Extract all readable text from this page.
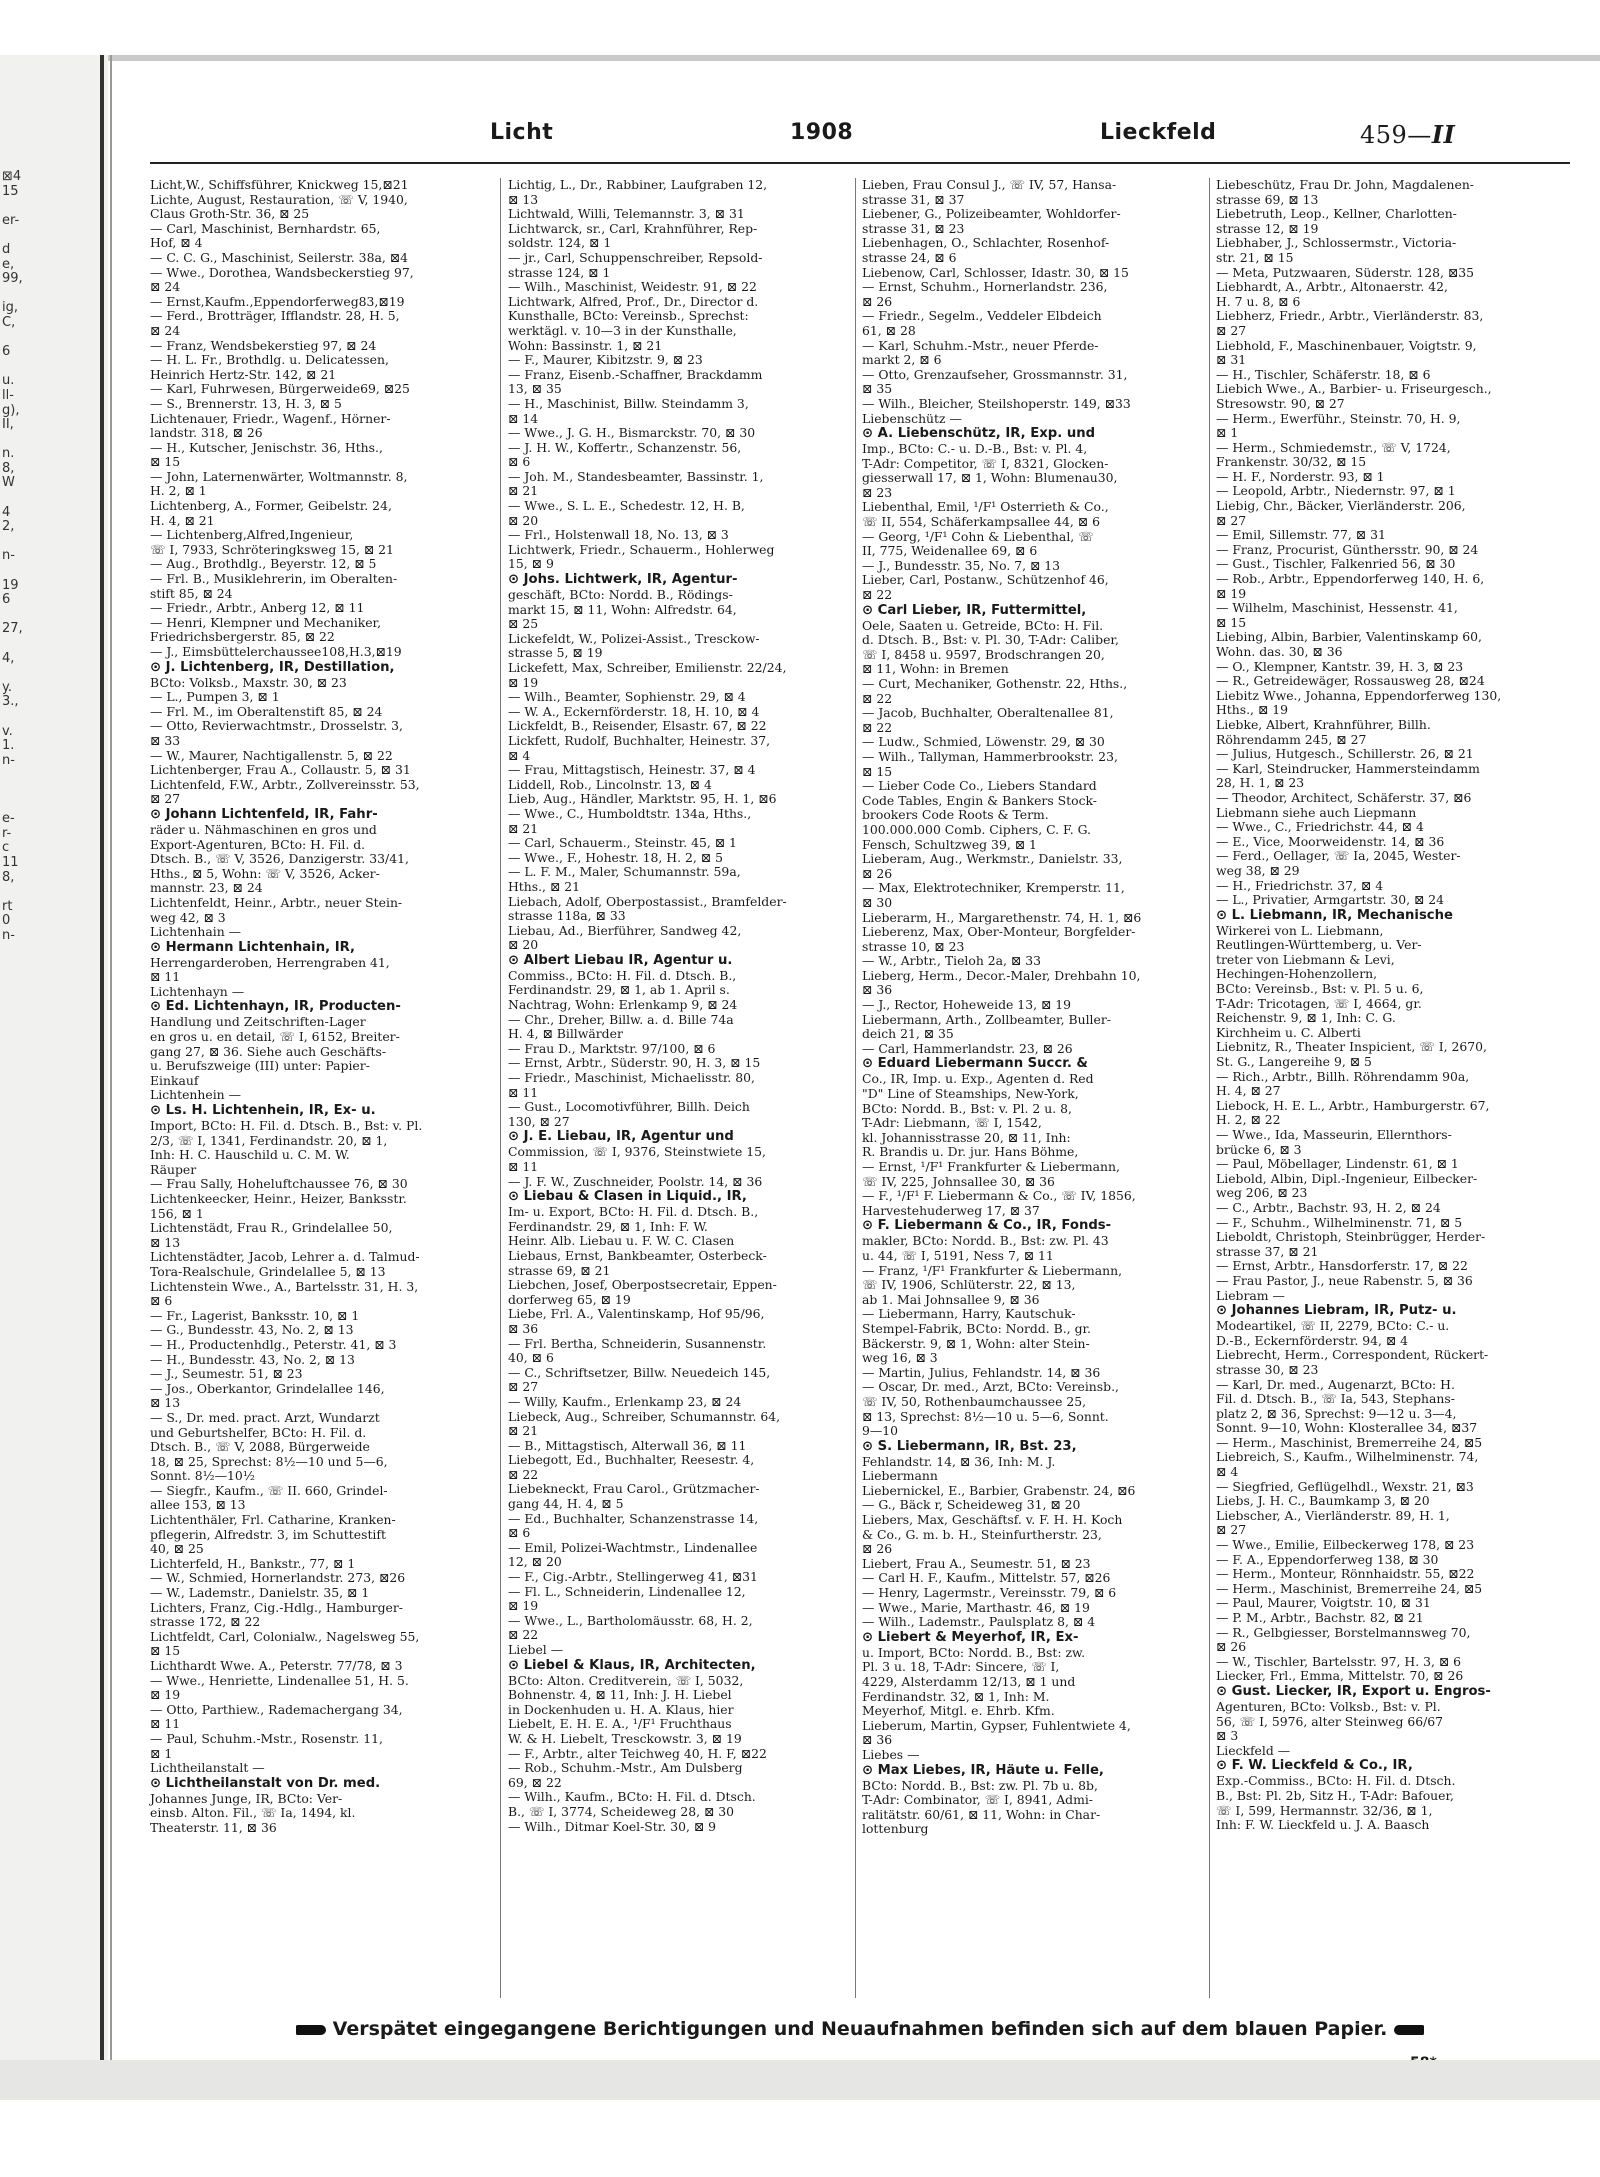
⊠4
15
er-
d
e,
99,
ig,
C,
6
u.
ll-
g),
II,
n.
8,
W
4
2,
n-
19
6
27,
4,
y.
3.,
v.
1.
n-
e-
r-
c
11
8,
rt
0
n-
Licht	1908	Lieckfeld	459—II
Licht,W., Schiffsführer, Knickweg 15,⊠21
Lichte, August, Restauration, ☏ V, 1940,
Claus Groth-Str. 36, ⊠ 25
— Carl, Maschinist, Bernhardstr. 65,
Hof, ⊠ 4
— C. C. G., Maschinist, Seilerstr. 38a, ⊠4
— Wwe., Dorothea, Wandsbeckerstieg 97,
⊠ 24
— Ernst,Kaufm.,Eppendorferweg83,⊠19
— Ferd., Brotträger, Ifflandstr. 28, H. 5,
⊠ 24
— Franz, Wendsbekerstieg 97, ⊠ 24
— H. L. Fr., Brothdlg. u. Delicatessen,
Heinrich Hertz-Str. 142, ⊠ 21
— Karl, Fuhrwesen, Bürgerweide69, ⊠25
— S., Brennerstr. 13, H. 3, ⊠ 5
Lichtenauer, Friedr., Wagenf., Hörner-
landstr. 318, ⊠ 26
— H., Kutscher, Jenischstr. 36, Hths.,
⊠ 15
— John, Laternenwärter, Woltmannstr. 8,
H. 2, ⊠ 1
Lichtenberg, A., Former, Geibelstr. 24,
H. 4, ⊠ 21
— Lichtenberg,Alfred,Ingenieur,
☏ I, 7933, Schröteringksweg 15, ⊠ 21
— Aug., Brothdlg., Beyerstr. 12, ⊠ 5
— Frl. B., Musiklehrerin, im Oberalten-
stift 85, ⊠ 24
— Friedr., Arbtr., Anberg 12, ⊠ 11
— Henri, Klempner und Mechaniker,
Friedrichsbergerstr. 85, ⊠ 22
— J., Eimsbüttelerchaussee108,H.3,⊠19
⊙ J. Lichtenberg, IR, Destillation,
BCto: Volksb., Maxstr. 30, ⊠ 23
— L., Pumpen 3, ⊠ 1
— Frl. M., im Oberaltenstift 85, ⊠ 24
— Otto, Revierwachtmstr., Drosselstr. 3,
⊠ 33
— W., Maurer, Nachtigallenstr. 5, ⊠ 22
Lichtenberger, Frau A., Collaustr. 5, ⊠ 31
Lichtenfeld, F.W., Arbtr., Zollvereinsstr. 53,
⊠ 27
⊙ Johann Lichtenfeld, IR, Fahr-
räder u. Nähmaschinen en gros und
Export-Agenturen, BCto: H. Fil. d.
Dtsch. B., ☏ V, 3526, Danzigerstr. 33/41,
Hths., ⊠ 5, Wohn: ☏ V, 3526, Acker-
mannstr. 23, ⊠ 24
Lichtenfeldt, Heinr., Arbtr., neuer Stein-
weg 42, ⊠ 3
Lichtenhain —
⊙ Hermann Lichtenhain, IR,
Herrengarderoben, Herrengraben 41,
⊠ 11
Lichtenhayn —
⊙ Ed. Lichtenhayn, IR, Producten-
Handlung und Zeitschriften-Lager
en gros u. en detail, ☏ I, 6152, Breiter-
gang 27, ⊠ 36. Siehe auch Geschäfts-
u. Berufszweige (III) unter: Papier-
Einkauf
Lichtenhein —
⊙ Ls. H. Lichtenhein, IR, Ex- u.
Import, BCto: H. Fil. d. Dtsch. B., Bst: v. Pl.
2/3, ☏ I, 1341, Ferdinandstr. 20, ⊠ 1,
Inh: H. C. Hauschild u. C. M. W.
Räuper
— Frau Sally, Hoheluftchaussee 76, ⊠ 30
Lichtenkeecker, Heinr., Heizer, Banksstr.
156, ⊠ 1
Lichtenstädt, Frau R., Grindelallee 50,
⊠ 13
Lichtenstädter, Jacob, Lehrer a. d. Talmud-
Tora-Realschule, Grindelallee 5, ⊠ 13
Lichtenstein Wwe., A., Bartelsstr. 31, H. 3,
⊠ 6
— Fr., Lagerist, Banksstr. 10, ⊠ 1
— G., Bundesstr. 43, No. 2, ⊠ 13
— H., Productenhdlg., Peterstr. 41, ⊠ 3
— H., Bundesstr. 43, No. 2, ⊠ 13
— J., Seumestr. 51, ⊠ 23
— Jos., Oberkantor, Grindelallee 146,
⊠ 13
— S., Dr. med. pract. Arzt, Wundarzt
und Geburtshelfer, BCto: H. Fil. d.
Dtsch. B., ☏ V, 2088, Bürgerweide
18, ⊠ 25, Sprechst: 8½—10 und 5—6,
Sonnt. 8½—10½
— Siegfr., Kaufm., ☏ II. 660, Grindel-
allee 153, ⊠ 13
Lichtenthäler, Frl. Catharine, Kranken-
pflegerin, Alfredstr. 3, im Schuttestift
40, ⊠ 25
Lichterfeld, H., Bankstr., 77, ⊠ 1
— W., Schmied, Hornerlandstr. 273, ⊠26
— W., Lademstr., Danielstr. 35, ⊠ 1
Lichters, Franz, Cig.-Hdlg., Hamburger-
strasse 172, ⊠ 22
Lichtfeldt, Carl, Colonialw., Nagelsweg 55,
⊠ 15
Lichthardt Wwe. A., Peterstr. 77/78, ⊠ 3
— Wwe., Henriette, Lindenallee 51, H. 5.
⊠ 19
— Otto, Parthiew., Rademachergang 34,
⊠ 11
— Paul, Schuhm.-Mstr., Rosenstr. 11,
⊠ 1
Lichtheilanstalt —
⊙ Lichtheilanstalt von Dr. med.
Johannes Junge, IR, BCto: Ver-
einsb. Alton. Fil., ☏ Ia, 1494, kl.
Theaterstr. 11, ⊠ 36
Lichtig, L., Dr., Rabbiner, Laufgraben 12,
⊠ 13
Lichtwald, Willi, Telemannstr. 3, ⊠ 31
Lichtwarck, sr., Carl, Krahnführer, Rep-
soldstr. 124, ⊠ 1
— jr., Carl, Schuppenschreiber, Repsold-
strasse 124, ⊠ 1
— Wilh., Maschinist, Weidestr. 91, ⊠ 22
Lichtwark, Alfred, Prof., Dr., Director d.
Kunsthalle, BCto: Vereinsb., Sprechst:
werktägl. v. 10—3 in der Kunsthalle,
Wohn: Bassinstr. 1, ⊠ 21
— F., Maurer, Kibitzstr. 9, ⊠ 23
— Franz, Eisenb.-Schaffner, Brackdamm
13, ⊠ 35
— H., Maschinist, Billw. Steindamm 3,
⊠ 14
— Wwe., J. G. H., Bismarckstr. 70, ⊠ 30
— J. H. W., Koffertr., Schanzenstr. 56,
⊠ 6
— Joh. M., Standesbeamter, Bassinstr. 1,
⊠ 21
— Wwe., S. L. E., Schedestr. 12, H. B,
⊠ 20
— Frl., Holstenwall 18, No. 13, ⊠ 3
Lichtwerk, Friedr., Schauerm., Hohlerweg
15, ⊠ 9
⊙ Johs. Lichtwerk, IR, Agentur-
geschäft, BCto: Nordd. B., Rödings-
markt 15, ⊠ 11, Wohn: Alfredstr. 64,
⊠ 25
Lickefeldt, W., Polizei-Assist., Tresckow-
strasse 5, ⊠ 19
Lickefett, Max, Schreiber, Emilienstr. 22/24,
⊠ 19
— Wilh., Beamter, Sophienstr. 29, ⊠ 4
— W. A., Eckernförderstr. 18, H. 10, ⊠ 4
Lickfeldt, B., Reisender, Elsastr. 67, ⊠ 22
Lickfett, Rudolf, Buchhalter, Heinestr. 37,
⊠ 4
— Frau, Mittagstisch, Heinestr. 37, ⊠ 4
Liddell, Rob., Lincolnstr. 13, ⊠ 4
Lieb, Aug., Händler, Marktstr. 95, H. 1, ⊠6
— Wwe., C., Humboldtstr. 134a, Hths.,
⊠ 21
— Carl, Schauerm., Steinstr. 45, ⊠ 1
— Wwe., F., Hohestr. 18, H. 2, ⊠ 5
— L. F. M., Maler, Schumannstr. 59a,
Hths., ⊠ 21
Liebach, Adolf, Oberpostassist., Bramfelder-
strasse 118a, ⊠ 33
Liebau, Ad., Bierführer, Sandweg 42,
⊠ 20
⊙ Albert Liebau IR, Agentur u.
Commiss., BCto: H. Fil. d. Dtsch. B.,
Ferdinandstr. 29, ⊠ 1, ab 1. April s.
Nachtrag, Wohn: Erlenkamp 9, ⊠ 24
— Chr., Dreher, Billw. a. d. Bille 74a
H. 4, ⊠ Billwärder
— Frau D., Marktstr. 97/100, ⊠ 6
— Ernst, Arbtr., Süderstr. 90, H. 3, ⊠ 15
— Friedr., Maschinist, Michaelisstr. 80,
⊠ 11
— Gust., Locomotivführer, Billh. Deich
130, ⊠ 27
⊙ J. E. Liebau, IR, Agentur und
Commission, ☏ I, 9376, Steinstwiete 15,
⊠ 11
— J. F. W., Zuschneider, Poolstr. 14, ⊠ 36
⊙ Liebau & Clasen in Liquid., IR,
Im- u. Export, BCto: H. Fil. d. Dtsch. B.,
Ferdinandstr. 29, ⊠ 1, Inh: F. W.
Heinr. Alb. Liebau u. F. W. C. Clasen
Liebaus, Ernst, Bankbeamter, Osterbeck-
strasse 69, ⊠ 21
Liebchen, Josef, Oberpostsecretair, Eppen-
dorferweg 65, ⊠ 19
Liebe, Frl. A., Valentinskamp, Hof 95/96,
⊠ 36
— Frl. Bertha, Schneiderin, Susannenstr.
40, ⊠ 6
— C., Schriftsetzer, Billw. Neuedeich 145,
⊠ 27
— Willy, Kaufm., Erlenkamp 23, ⊠ 24
Liebeck, Aug., Schreiber, Schumannstr. 64,
⊠ 21
— B., Mittagstisch, Alterwall 36, ⊠ 11
Liebegott, Ed., Buchhalter, Reesestr. 4,
⊠ 22
Liebekneckt, Frau Carol., Grützmacher-
gang 44, H. 4, ⊠ 5
— Ed., Buchhalter, Schanzenstrasse 14,
⊠ 6
— Emil, Polizei-Wachtmstr., Lindenallee
12, ⊠ 20
— F., Cig.-Arbtr., Stellingerweg 41, ⊠31
— Fl. L., Schneiderin, Lindenallee 12,
⊠ 19
— Wwe., L., Bartholomäusstr. 68, H. 2,
⊠ 22
Liebel —
⊙ Liebel & Klaus, IR, Architecten,
BCto: Alton. Creditverein, ☏ I, 5032,
Bohnenstr. 4, ⊠ 11, Inh: J. H. Liebel
in Dockenhuden u. H. A. Klaus, hier
Liebelt, E. H. E. A., ¹/F¹ Fruchthaus
W. & H. Liebelt, Tresckowstr. 3, ⊠ 19
— F., Arbtr., alter Teichweg 40, H. F, ⊠22
— Rob., Schuhm.-Mstr., Am Dulsberg
69, ⊠ 22
— Wilh., Kaufm., BCto: H. Fil. d. Dtsch.
B., ☏ I, 3774, Scheideweg 28, ⊠ 30
— Wilh., Ditmar Koel-Str. 30, ⊠ 9
Lieben, Frau Consul J., ☏ IV, 57, Hansa-
strasse 31, ⊠ 37
Liebener, G., Polizeibeamter, Wohldorfer-
strasse 31, ⊠ 23
Liebenhagen, O., Schlachter, Rosenhof-
strasse 24, ⊠ 6
Liebenow, Carl, Schlosser, Idastr. 30, ⊠ 15
— Ernst, Schuhm., Hornerlandstr. 236,
⊠ 26
— Friedr., Segelm., Veddeler Elbdeich
61, ⊠ 28
— Karl, Schuhm.-Mstr., neuer Pferde-
markt 2, ⊠ 6
— Otto, Grenzaufseher, Grossmannstr. 31,
⊠ 35
— Wilh., Bleicher, Steilshoperstr. 149, ⊠33
Liebenschütz —
⊙ A. Liebenschütz, IR, Exp. und
Imp., BCto: C.- u. D.-B., Bst: v. Pl. 4,
T-Adr: Competitor, ☏ I, 8321, Glocken-
giesserwall 17, ⊠ 1, Wohn: Blumenau30,
⊠ 23
Liebenthal, Emil, ¹/F¹ Osterrieth & Co.,
☏ II, 554, Schäferkampsallee 44, ⊠ 6
— Georg, ¹/F¹ Cohn & Liebenthal, ☏
II, 775, Weidenallee 69, ⊠ 6
— J., Bundesstr. 35, No. 7, ⊠ 13
Lieber, Carl, Postanw., Schützenhof 46,
⊠ 22
⊙ Carl Lieber, IR, Futtermittel,
Oele, Saaten u. Getreide, BCto: H. Fil.
d. Dtsch. B., Bst: v. Pl. 30, T-Adr: Caliber,
☏ I, 8458 u. 9597, Brodschrangen 20,
⊠ 11, Wohn: in Bremen
— Curt, Mechaniker, Gothenstr. 22, Hths.,
⊠ 22
— Jacob, Buchhalter, Oberaltenallee 81,
⊠ 22
— Ludw., Schmied, Löwenstr. 29, ⊠ 30
— Wilh., Tallyman, Hammerbrookstr. 23,
⊠ 15
— Lieber Code Co., Liebers Standard
Code Tables, Engin & Bankers Stock-
brookers Code Roots & Term.
100.000.000 Comb. Ciphers, C. F. G.
Fensch, Schultzweg 39, ⊠ 1
Lieberam, Aug., Werkmstr., Danielstr. 33,
⊠ 26
— Max, Elektrotechniker, Kremperstr. 11,
⊠ 30
Lieberarm, H., Margarethenstr. 74, H. 1, ⊠6
Lieberenz, Max, Ober-Monteur, Borgfelder-
strasse 10, ⊠ 23
— W., Arbtr., Tieloh 2a, ⊠ 33
Lieberg, Herm., Decor.-Maler, Drehbahn 10,
⊠ 36
— J., Rector, Hoheweide 13, ⊠ 19
Liebermann, Arth., Zollbeamter, Buller-
deich 21, ⊠ 35
— Carl, Hammerlandstr. 23, ⊠ 26
⊙ Eduard Liebermann Succr. &
Co., IR, Imp. u. Exp., Agenten d. Red
"D" Line of Steamships, New-York,
BCto: Nordd. B., Bst: v. Pl. 2 u. 8,
T-Adr: Liebmann, ☏ I, 1542,
kl. Johannisstrasse 20, ⊠ 11, Inh:
R. Brandis u. Dr. jur. Hans Böhme,
— Ernst, ¹/F¹ Frankfurter & Liebermann,
☏ IV, 225, Johnsallee 30, ⊠ 36
— F., ¹/F¹ F. Liebermann & Co., ☏ IV, 1856,
Harvestehuderweg 17, ⊠ 37
⊙ F. Liebermann & Co., IR, Fonds-
makler, BCto: Nordd. B., Bst: zw. Pl. 43
u. 44, ☏ I, 5191, Ness 7, ⊠ 11
— Franz, ¹/F¹ Frankfurter & Liebermann,
☏ IV, 1906, Schlüterstr. 22, ⊠ 13,
ab 1. Mai Johnsallee 9, ⊠ 36
— Liebermann, Harry, Kautschuk-
Stempel-Fabrik, BCto: Nordd. B., gr.
Bäckerstr. 9, ⊠ 1, Wohn: alter Stein-
weg 16, ⊠ 3
— Martin, Julius, Fehlandstr. 14, ⊠ 36
— Oscar, Dr. med., Arzt, BCto: Vereinsb.,
☏ IV, 50, Rothenbaumchaussee 25,
⊠ 13, Sprechst: 8½—10 u. 5—6, Sonnt.
9—10
⊙ S. Liebermann, IR, Bst. 23,
Fehlandstr. 14, ⊠ 36, Inh: M. J.
Liebermann
Liebernickel, E., Barbier, Grabenstr. 24, ⊠6
— G., Bäck r, Scheideweg 31, ⊠ 20
Liebers, Max, Geschäftsf. v. F. H. H. Koch
& Co., G. m. b. H., Steinfurtherstr. 23,
⊠ 26
Liebert, Frau A., Seumestr. 51, ⊠ 23
— Carl H. F., Kaufm., Mittelstr. 57, ⊠26
— Henry, Lagermstr., Vereinsstr. 79, ⊠ 6
— Wwe., Marie, Marthastr. 46, ⊠ 19
— Wilh., Lademstr., Paulsplatz 8, ⊠ 4
⊙ Liebert & Meyerhof, IR, Ex-
u. Import, BCto: Nordd. B., Bst: zw.
Pl. 3 u. 18, T-Adr: Sincere, ☏ I,
4229, Alsterdamm 12/13, ⊠ 1 und
Ferdinandstr. 32, ⊠ 1, Inh: M.
Meyerhof, Mitgl. e. Ehrb. Kfm.
Lieberum, Martin, Gypser, Fuhlentwiete 4,
⊠ 36
Liebes —
⊙ Max Liebes, IR, Häute u. Felle,
BCto: Nordd. B., Bst: zw. Pl. 7b u. 8b,
T-Adr: Combinator, ☏ I, 8941, Admi-
ralitätstr. 60/61, ⊠ 11, Wohn: in Char-
lottenburg
Liebeschütz, Frau Dr. John, Magdalenen-
strasse 69, ⊠ 13
Liebetruth, Leop., Kellner, Charlotten-
strasse 12, ⊠ 19
Liebhaber, J., Schlossermstr., Victoria-
str. 21, ⊠ 15
— Meta, Putzwaaren, Süderstr. 128, ⊠35
Liebhardt, A., Arbtr., Altonaerstr. 42,
H. 7 u. 8, ⊠ 6
Liebherz, Friedr., Arbtr., Vierländerstr. 83,
⊠ 27
Liebhold, F., Maschinenbauer, Voigtstr. 9,
⊠ 31
— H., Tischler, Schäferstr. 18, ⊠ 6
Liebich Wwe., A., Barbier- u. Friseurgesch.,
Stresowstr. 90, ⊠ 27
— Herm., Ewerführ., Steinstr. 70, H. 9,
⊠ 1
— Herm., Schmiedemstr., ☏ V, 1724,
Frankenstr. 30/32, ⊠ 15
— H. F., Norderstr. 93, ⊠ 1
— Leopold, Arbtr., Niedernstr. 97, ⊠ 1
Liebig, Chr., Bäcker, Vierländerstr. 206,
⊠ 27
— Emil, Sillemstr. 77, ⊠ 31
— Franz, Procurist, Günthersstr. 90, ⊠ 24
— Gust., Tischler, Falkenried 56, ⊠ 30
— Rob., Arbtr., Eppendorferweg 140, H. 6,
⊠ 19
— Wilhelm, Maschinist, Hessenstr. 41,
⊠ 15
Liebing, Albin, Barbier, Valentinskamp 60,
Wohn. das. 30, ⊠ 36
— O., Klempner, Kantstr. 39, H. 3, ⊠ 23
— R., Getreidewäger, Rossausweg 28, ⊠24
Liebitz Wwe., Johanna, Eppendorferweg 130,
Hths., ⊠ 19
Liebke, Albert, Krahnführer, Billh.
Röhrendamm 245, ⊠ 27
— Julius, Hutgesch., Schillerstr. 26, ⊠ 21
— Karl, Steindrucker, Hammersteindamm
28, H. 1, ⊠ 23
— Theodor, Architect, Schäferstr. 37, ⊠6
Liebmann siehe auch Liepmann
— Wwe., C., Friedrichstr. 44, ⊠ 4
— E., Vice, Moorweidenstr. 14, ⊠ 36
— Ferd., Oellager, ☏ Ia, 2045, Wester-
weg 38, ⊠ 29
— H., Friedrichstr. 37, ⊠ 4
— L., Privatier, Armgartstr. 30, ⊠ 24
⊙ L. Liebmann, IR, Mechanische
Wirkerei von L. Liebmann,
Reutlingen-Württemberg, u. Ver-
treter von Liebmann & Levi,
Hechingen-Hohenzollern,
BCto: Vereinsb., Bst: v. Pl. 5 u. 6,
T-Adr: Tricotagen, ☏ I, 4664, gr.
Reichenstr. 9, ⊠ 1, Inh: C. G.
Kirchheim u. C. Alberti
Liebnitz, R., Theater Inspicient, ☏ I, 2670,
St. G., Langereihe 9, ⊠ 5
— Rich., Arbtr., Billh. Röhrendamm 90a,
H. 4, ⊠ 27
Liebock, H. E. L., Arbtr., Hamburgerstr. 67,
H. 2, ⊠ 22
— Wwe., Ida, Masseurin, Ellernthors-
brücke 6, ⊠ 3
— Paul, Möbellager, Lindenstr. 61, ⊠ 1
Liebold, Albin, Dipl.-Ingenieur, Eilbecker-
weg 206, ⊠ 23
— C., Arbtr., Bachstr. 93, H. 2, ⊠ 24
— F., Schuhm., Wilhelminenstr. 71, ⊠ 5
Lieboldt, Christoph, Steinbrügger, Herder-
strasse 37, ⊠ 21
— Ernst, Arbtr., Hansdorferstr. 17, ⊠ 22
— Frau Pastor, J., neue Rabenstr. 5, ⊠ 36
Liebram —
⊙ Johannes Liebram, IR, Putz- u.
Modeartikel, ☏ II, 2279, BCto: C.- u.
D.-B., Eckernförderstr. 94, ⊠ 4
Liebrecht, Herm., Correspondent, Rückert-
strasse 30, ⊠ 23
— Karl, Dr. med., Augenarzt, BCto: H.
Fil. d. Dtsch. B., ☏ Ia, 543, Stephans-
platz 2, ⊠ 36, Sprechst: 9—12 u. 3—4,
Sonnt. 9—10, Wohn: Klosterallee 34, ⊠37
— Herm., Maschinist, Bremerreihe 24, ⊠5
Liebreich, S., Kaufm., Wilhelminenstr. 74,
⊠ 4
— Siegfried, Geflügelhdl., Wexstr. 21, ⊠3
Liebs, J. H. C., Baumkamp 3, ⊠ 20
Liebscher, A., Vierländerstr. 89, H. 1,
⊠ 27
— Wwe., Emilie, Eilbeckerweg 178, ⊠ 23
— F. A., Eppendorferweg 138, ⊠ 30
— Herm., Monteur, Rönnhaidstr. 55, ⊠22
— Herm., Maschinist, Bremerreihe 24, ⊠5
— Paul, Maurer, Voigtstr. 10, ⊠ 31
— P. M., Arbtr., Bachstr. 82, ⊠ 21
— R., Gelbgiesser, Borstelmannsweg 70,
⊠ 26
— W., Tischler, Bartelsstr. 97, H. 3, ⊠ 6
Liecker, Frl., Emma, Mittelstr. 70, ⊠ 26
⊙ Gust. Liecker, IR, Export u. Engros-
Agenturen, BCto: Volksb., Bst: v. Pl.
56, ☏ I, 5976, alter Steinweg 66/67
⊠ 3
Lieckfeld —
⊙ F. W. Lieckfeld & Co., IR,
Exp.-Commiss., BCto: H. Fil. d. Dtsch.
B., Bst: Pl. 2b, Sitz H., T-Adr: Bafouer,
☏ I, 599, Hermannstr. 32/36, ⊠ 1,
Inh: F. W. Lieckfeld u. J. A. Baasch
Verspätet eingegangene Berichtigungen und Neuaufnahmen befinden sich auf dem blauen Papier.
